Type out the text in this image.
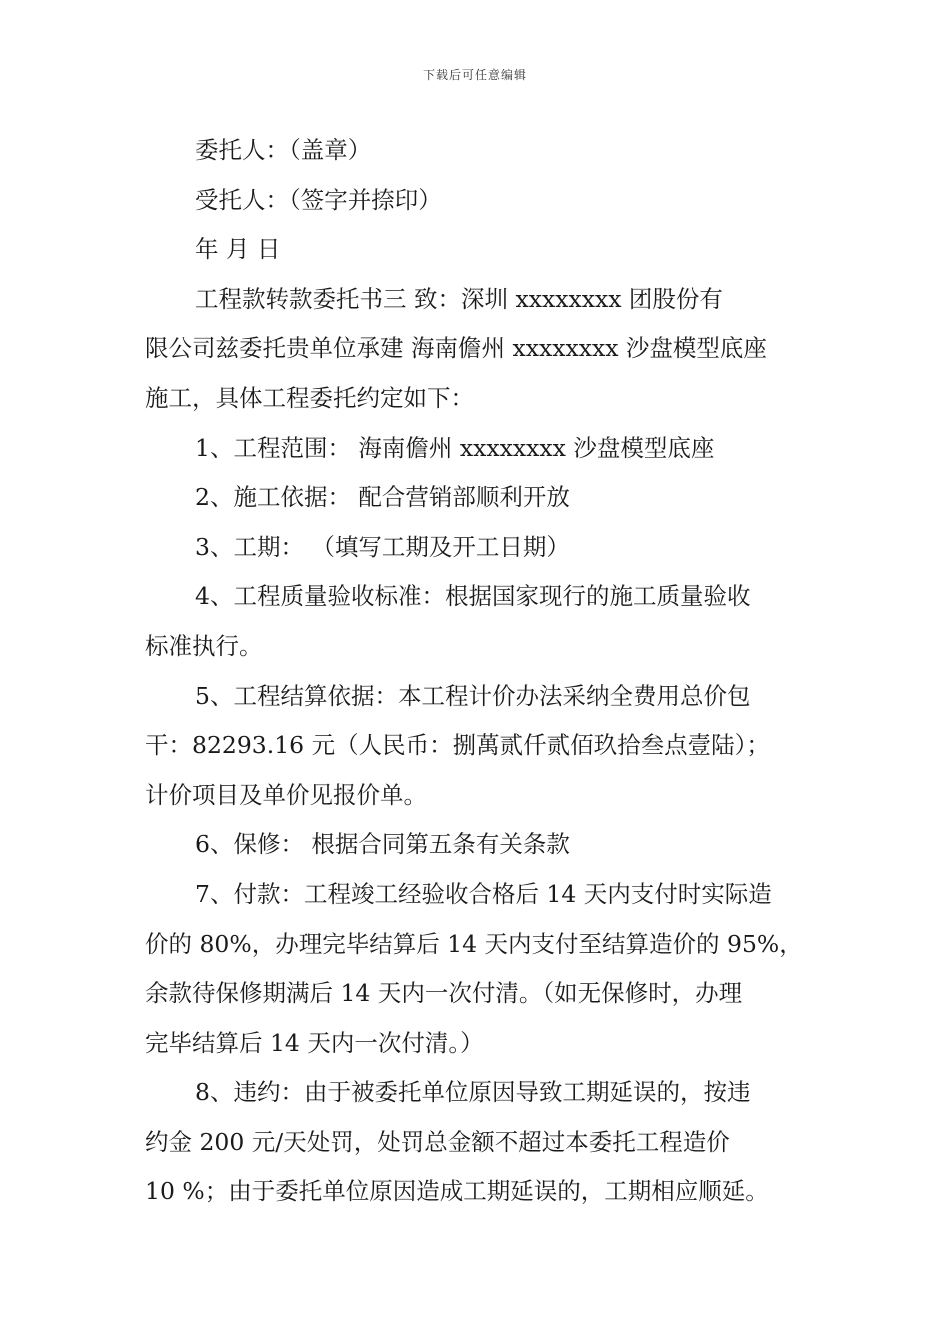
下载后可任意编辑
委托人：（盖章）
受托人：（签字并捺印）
年 月 日
工程款转款委托书三 致：深圳 xxxxxxxx 团股份有
限公司兹委托贵单位承建 海南儋州 xxxxxxxx 沙盘模型底座
施工，具体工程委托约定如下：
1、工程范围： 海南儋州 xxxxxxxx 沙盘模型底座
2、施工依据： 配合营销部顺利开放
3、工期： （填写工期及开工日期）
4、工程质量验收标准：根据国家现行的施工质量验收
标准执行。
5、工程结算依据：本工程计价办法采纳全费用总价包
干：82293.16 元（人民币：捌萬贰仟贰佰玖拾叁点壹陆）；
计价项目及单价见报价单。
6、保修： 根据合同第五条有关条款
7、付款：工程竣工经验收合格后 14 天内支付时实际造
价的 80%，办理完毕结算后 14 天内支付至结算造价的 95%，
余款待保修期满后 14 天内一次付清。（如无保修时，办理
完毕结算后 14 天内一次付清。）
8、违约：由于被委托单位原因导致工期延误的，按违
约金 200 元/天处罚，处罚总金额不超过本委托工程造价
10 %；由于委托单位原因造成工期延误的，工期相应顺延。
